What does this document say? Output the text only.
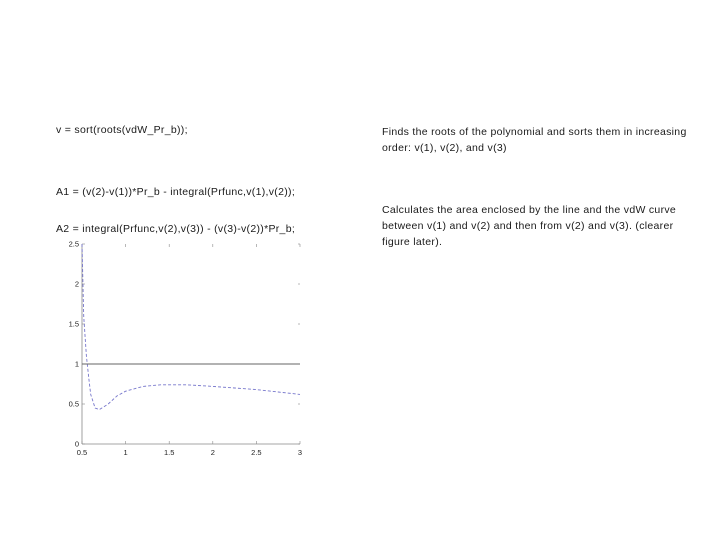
v = sort(roots(vdW_Pr_b));
A1 = (v(2)-v(1))*Pr_b - integral(Prfunc,v(1),v(2));
A2 = integral(Prfunc,v(2),v(3)) - (v(3)-v(2))*Pr_b;
Finds the roots of the polynomial and sorts them in increasing order: v(1), v(2), and v(3)
Calculates the area enclosed by the line and the vdW curve between v(1) and v(2) and then from v(2) and v(3). (clearer figure later).
0.5	1	1.5	2	2.5	3
0
0.5
1
1.5
2
2.5
